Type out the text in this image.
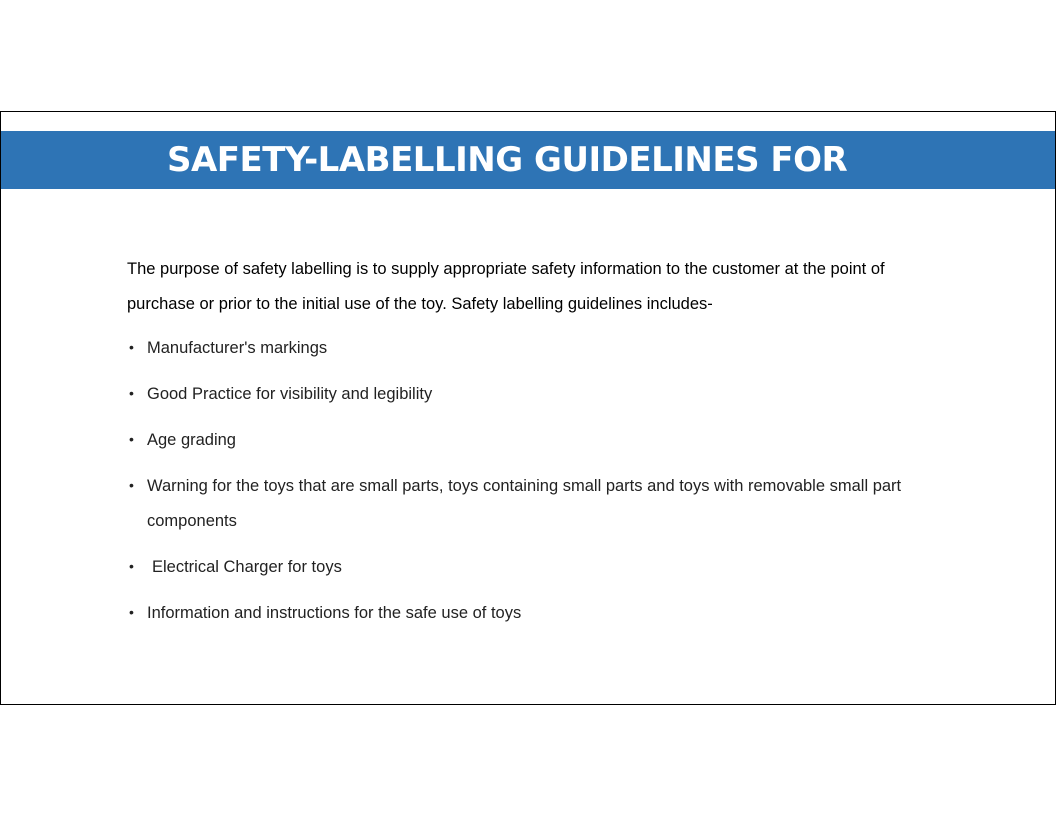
SAFETY-LABELLING GUIDELINES FOR

The purpose of safety labelling is to supply appropriate safety information to the customer at the point of purchase or prior to the initial use of the toy. Safety labelling guidelines includes-

• Manufacturer's markings
• Good Practice for visibility and legibility
• Age grading
• Warning for the toys that are small parts, toys containing small parts and toys with removable small part components
•	Electrical Charger for toys
• Information and instructions for the safe use of toys
